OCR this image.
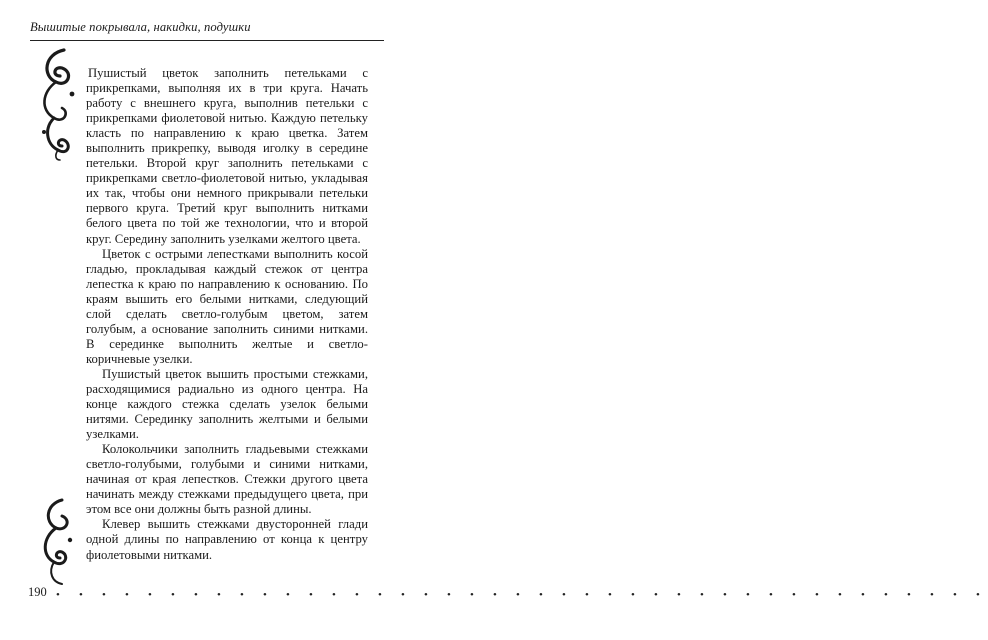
Вышитые покрывала, накидки, подушки

Пушистый цветок заполнить петельками с прикрепками, выполняя их в три круга. Начать работу с внешнего круга, выполнив петельки с прикрепками фиолетовой нитью. Каждую петельку класть по направлению к краю цветка. Затем выполнить прикрепку, выводя иголку в середине петельки. Второй круг заполнить петельками с прикрепками светло-фиолетовой нитью, укладывая их так, чтобы они немного прикрывали петельки первого круга. Третий круг выполнить нитками белого цвета по той же технологии, что и второй круг. Середину заполнить узелками желтого цвета.

Цветок с острыми лепестками выполнить косой гладью, прокладывая каждый стежок от центра лепестка к краю по направлению к основанию. По краям вышить его белыми нитками, следующий слой сделать светло-голубым цветом, затем голубым, а основание заполнить синими нитками. В серединке выполнить желтые и светло-коричневые узелки.

Пушистый цветок вышить простыми стежками, расходящимися радиально из одного центра. На конце каждого стежка сделать узелок белыми нитями. Серединку заполнить желтыми и белыми узелками.

Колокольчики заполнить гладьевыми стежками светло-голубыми, голубыми и синими нитками, начиная от края лепестков. Стежки другого цвета начинать между стежками предыдущего цвета, при этом все они должны быть разной длины.

Клевер вышить стежками двусторонней глади одной длины по направлению от конца к центру фиолетовыми нитками.

190 • • • • • • • • • • • • • • • • • • • • • • • • • • • • • • • • • • • • • • • • •
